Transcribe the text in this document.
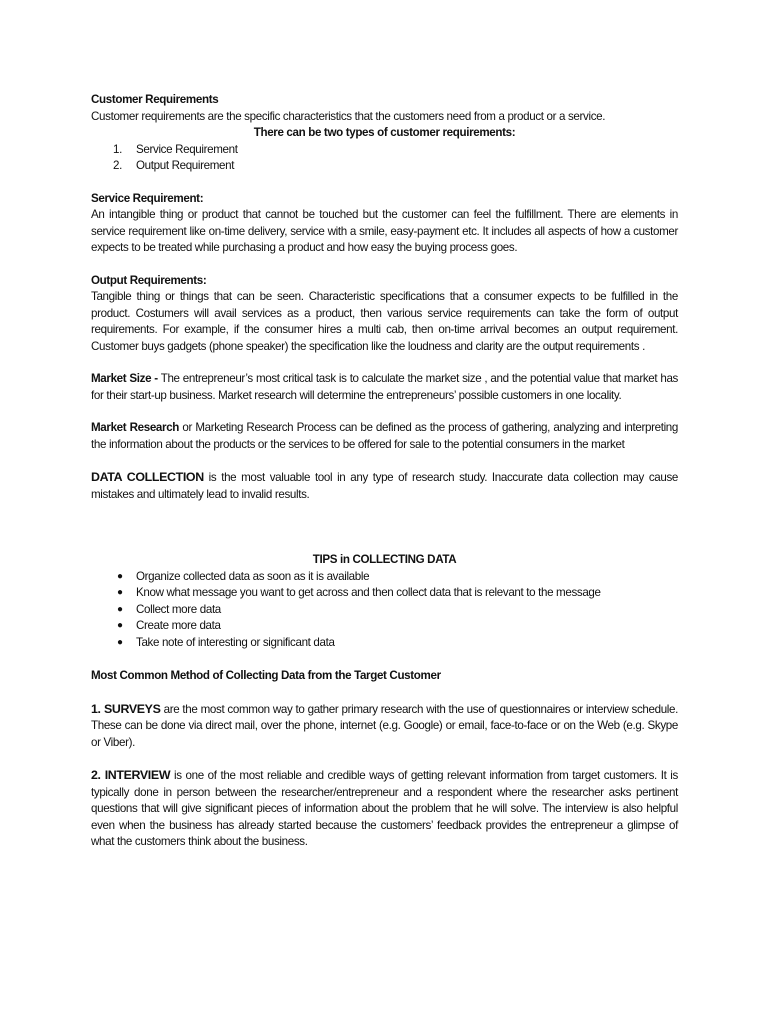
Customer Requirements

Customer requirements are the specific characteristics that the customers need from a product or a service.

There can be two types of customer requirements:

1. Service Requirement
2. Output Requirement

Service Requirement:

An intangible thing or product that cannot be touched but the customer can feel the fulfillment. There are elements in service requirement like on-time delivery, service with a smile, easy-payment etc. It includes all aspects of how a customer expects to be treated while purchasing a product and how easy the buying process goes.

Output Requirements:

Tangible thing or things that can be seen. Characteristic specifications that a consumer expects to be fulfilled in the product. Costumers will avail services as a product, then various service requirements can take the form of output requirements. For example, if the consumer hires a multi cab, then on-time arrival becomes an output requirement. Customer buys gadgets (phone speaker) the specification like the loudness and clarity are the output requirements .

Market Size - The entrepreneur’s most critical task is to calculate the market size , and the potential value that market has for their start-up business. Market research will determine the entrepreneurs’ possible customers in one locality.

Market Research or Marketing Research Process can be defined as the process of gathering, analyzing and interpreting the information about the products or the services to be offered for sale to the potential consumers in the market

DATA COLLECTION is the most valuable tool in any type of research study. Inaccurate data collection may cause mistakes and ultimately lead to invalid results.

TIPS in COLLECTING DATA

● Organize collected data as soon as it is available
● Know what message you want to get across and then collect data that is relevant to the message
● Collect more data
● Create more data
● Take note of interesting or significant data

Most Common Method of Collecting Data from the Target Customer

1. SURVEYS are the most common way to gather primary research with the use of questionnaires or interview schedule. These can be done via direct mail, over the phone, internet (e.g. Google) or email, face-to-face or on the Web (e.g. Skype or Viber).

2. INTERVIEW is one of the most reliable and credible ways of getting relevant information from target customers. It is typically done in person between the researcher/entrepreneur and a respondent where the researcher asks pertinent questions that will give significant pieces of information about the problem that he will solve. The interview is also helpful even when the business has already started because the customers’ feedback provides the entrepreneur a glimpse of what the customers think about the business.
